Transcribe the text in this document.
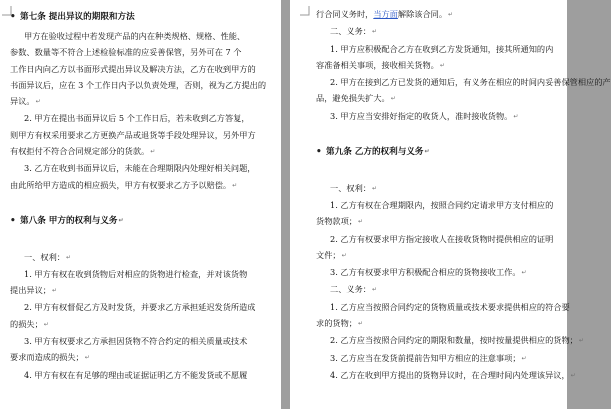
• 第七条 提出异议的期限和方法
甲方在验收过程中若发现产品的内在种类规格、规格、性能、
参数、数量等不符合上述检验标准的应妥善保管，另外可在 7 个
工作日内向乙方以书面形式提出异议及解决方法，乙方在收到甲方的
书面异议后，应在 3 个工作日内予以负责处理，否则，视为乙方提出的
异议。↵
2. 甲方在提出书面异议后 5 个工作日后，若未收到乙方答复，
则甲方有权采用要求乙方更换产品或退货等手段处理异议，另外甲方
有权拒付不符合合同规定部分的货款。↵
3. 乙方在收到书面异议后，未能在合理期限内处理好相关问题，
由此所给甲方造成的相应损失，甲方有权要求乙方予以赔偿。↵

• 第八条 甲方的权利与义务↵

一、权利：↵
1. 甲方有权在收到货物后对相应的货物进行检查，并对该货物
提出异议；↵
2. 甲方有权督促乙方及时发货，并要求乙方承担延迟发货所造成
的损失；↵
3. 甲方有权要求乙方承担因货物不符合约定的相关质量或技术
要求而造成的损失；↵
4. 甲方有权在有足够的理由或证据证明乙方不能发货或不愿履
行合同义务时，当方面解除该合同。↵
二、义务：↵
1. 甲方应积极配合乙方在收到乙方发货通知，接其所通知的内
容准备相关事项，接收相关货物。↵
2. 甲方在接到乙方已发货的通知后，有义务在相应的时间内妥善保管相应的产
品，避免损失扩大。↵
3. 甲方应当安排好指定的收货人，准时接收货物。↵

• 第九条 乙方的权利与义务↵

一、权利：↵
1. 乙方有权在合理期限内，按照合同约定请求甲方支付相应的
货物款项；↵
2. 乙方有权要求甲方指定接收人在接收货物时提供相应的证明
文件；↵
3. 乙方有权要求甲方积极配合相应的货物接收工作。↵
二、义务：↵
1. 乙方应当按照合同约定的货物质量或技术要求提供相应的符合要
求的货物；↵
2. 乙方应当按照合同约定的期限和数量，按时按量提供相应的货物；↵
3. 乙方应当在发货前提前告知甲方相应的注意事项；↵
4. 乙方在收到甲方提出的货物异议时，在合理时间内处理该异议，↵
